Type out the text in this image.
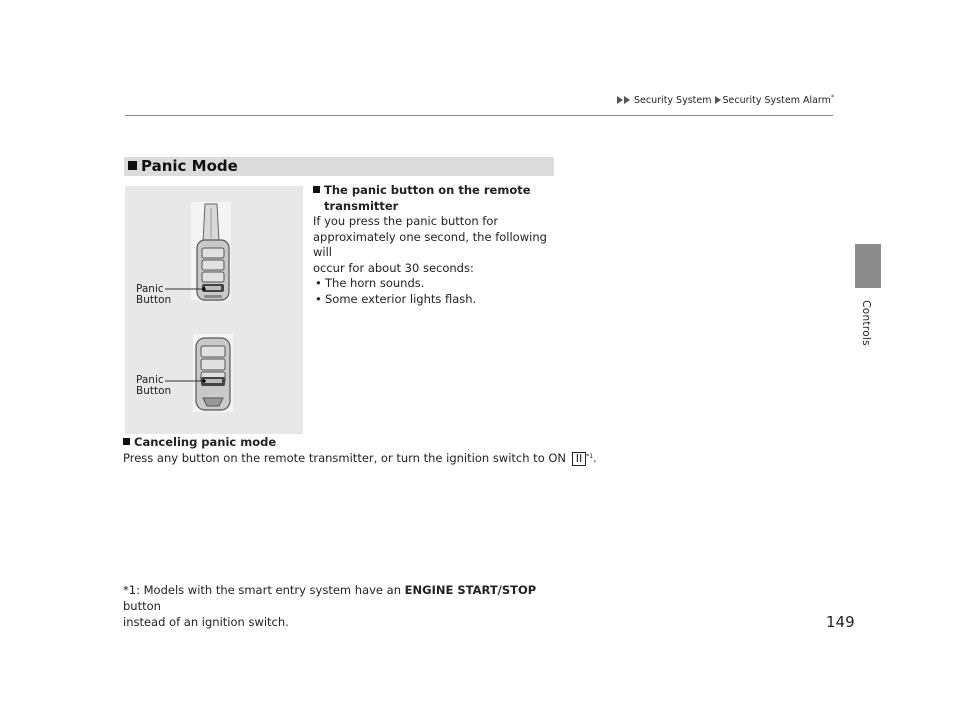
Security System Security System Alarm*
Controls
Panic Mode
Panic
Button
Panic
Button
The panic button on the remote
transmitter
If you press the panic button for
approximately one second, the following will
occur for about 30 seconds:
• The horn sounds.
• Some exterior lights flash.
Canceling panic mode
Press any button on the remote transmitter, or turn the ignition switch to ON II $^{*1}$.
*1: Models with the smart entry system have an ENGINE START/STOP button
instead of an ignition switch.	149
